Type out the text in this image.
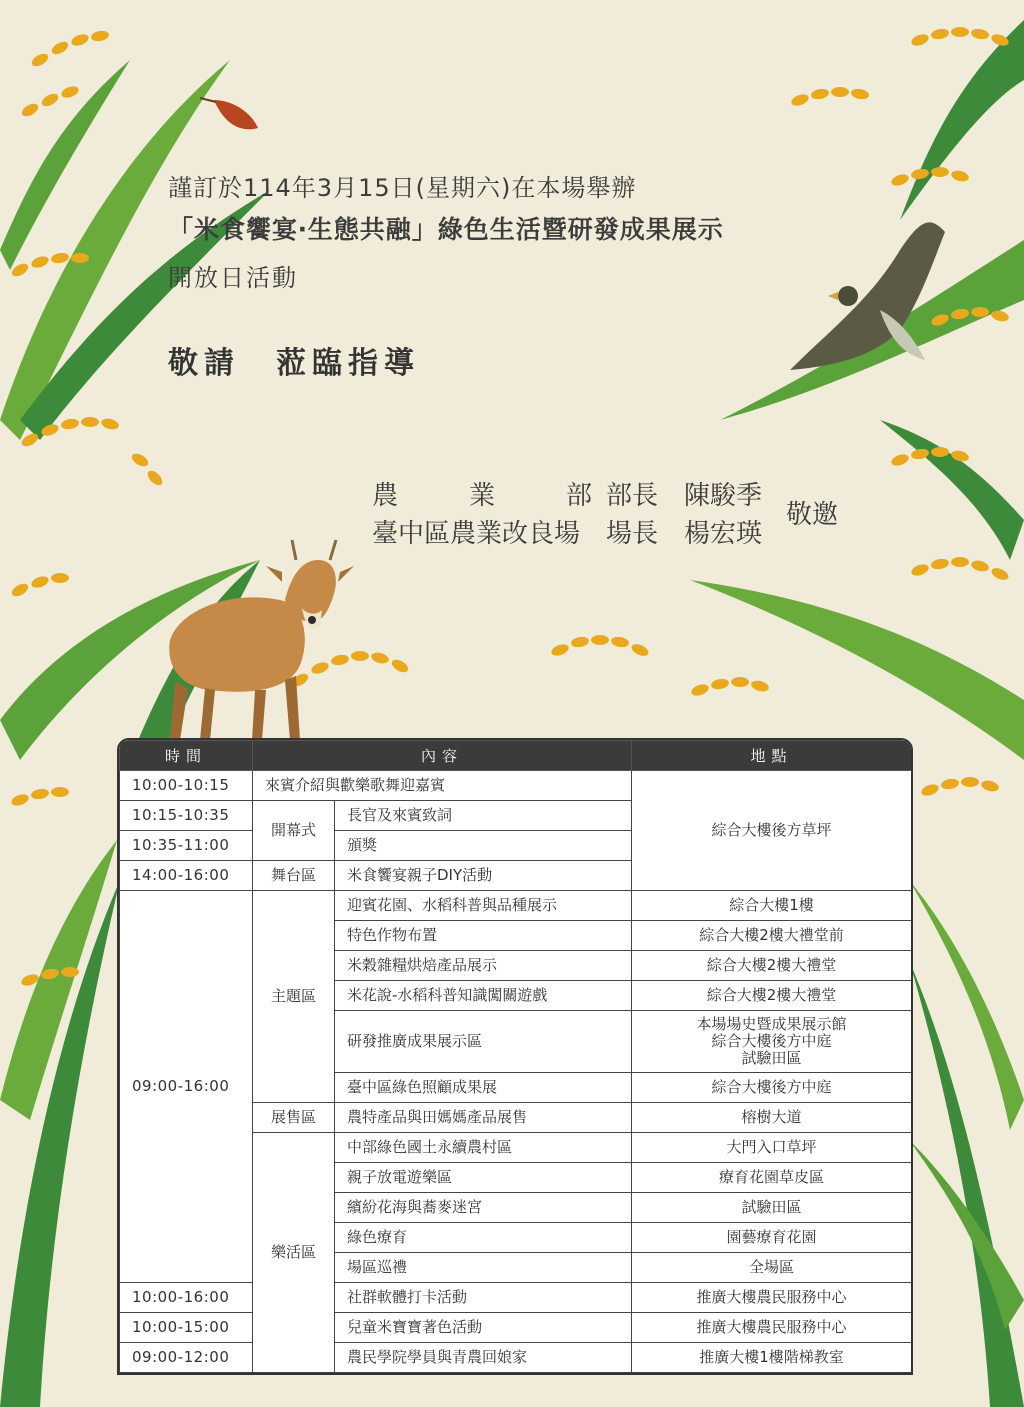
謹訂於114年3月15日(星期六)在本場舉辦
「米食饗宴‧生態共融」綠色生活暨研發成果展示
開放日活動
敬請　蒞臨指導
農業部 部長 陳駿季
臺中區農業改良場 場長 楊宏瑛
敬邀
時間	內容		地點
10:00-10:15	來賓介紹與歡樂歌舞迎嘉賓		綜合大樓後方草坪
10:15-10:35	開幕式	長官及來賓致詞	
10:35-11:00		頒獎	
14:00-16:00	舞台區	米食饗宴親子DIY活動	
09:00-16:00	主題區	迎賓花園、水稻科普與品種展示	綜合大樓1樓
		特色作物布置	綜合大樓2樓大禮堂前
		米穀雜糧烘焙產品展示	綜合大樓2樓大禮堂
		米花說-水稻科普知識闖關遊戲	綜合大樓2樓大禮堂
		研發推廣成果展示區	本場場史暨成果展示館
綜合大樓後方中庭
試驗田區

		臺中區綠色照顧成果展	綜合大樓後方中庭
	展售區	農特產品與田媽媽產品展售	榕樹大道
	樂活區	中部綠色國土永續農村區	大門入口草坪
		親子放電遊樂區	療育花園草皮區
		繽紛花海與蕎麥迷宮	試驗田區
		綠色療育	園藝療育花園
		場區巡禮	全場區
10:00-16:00		社群軟體打卡活動	推廣大樓農民服務中心
10:00-15:00		兒童米寶寶著色活動	推廣大樓農民服務中心
09:00-12:00		農民學院學員與青農回娘家	推廣大樓1樓階梯教室
